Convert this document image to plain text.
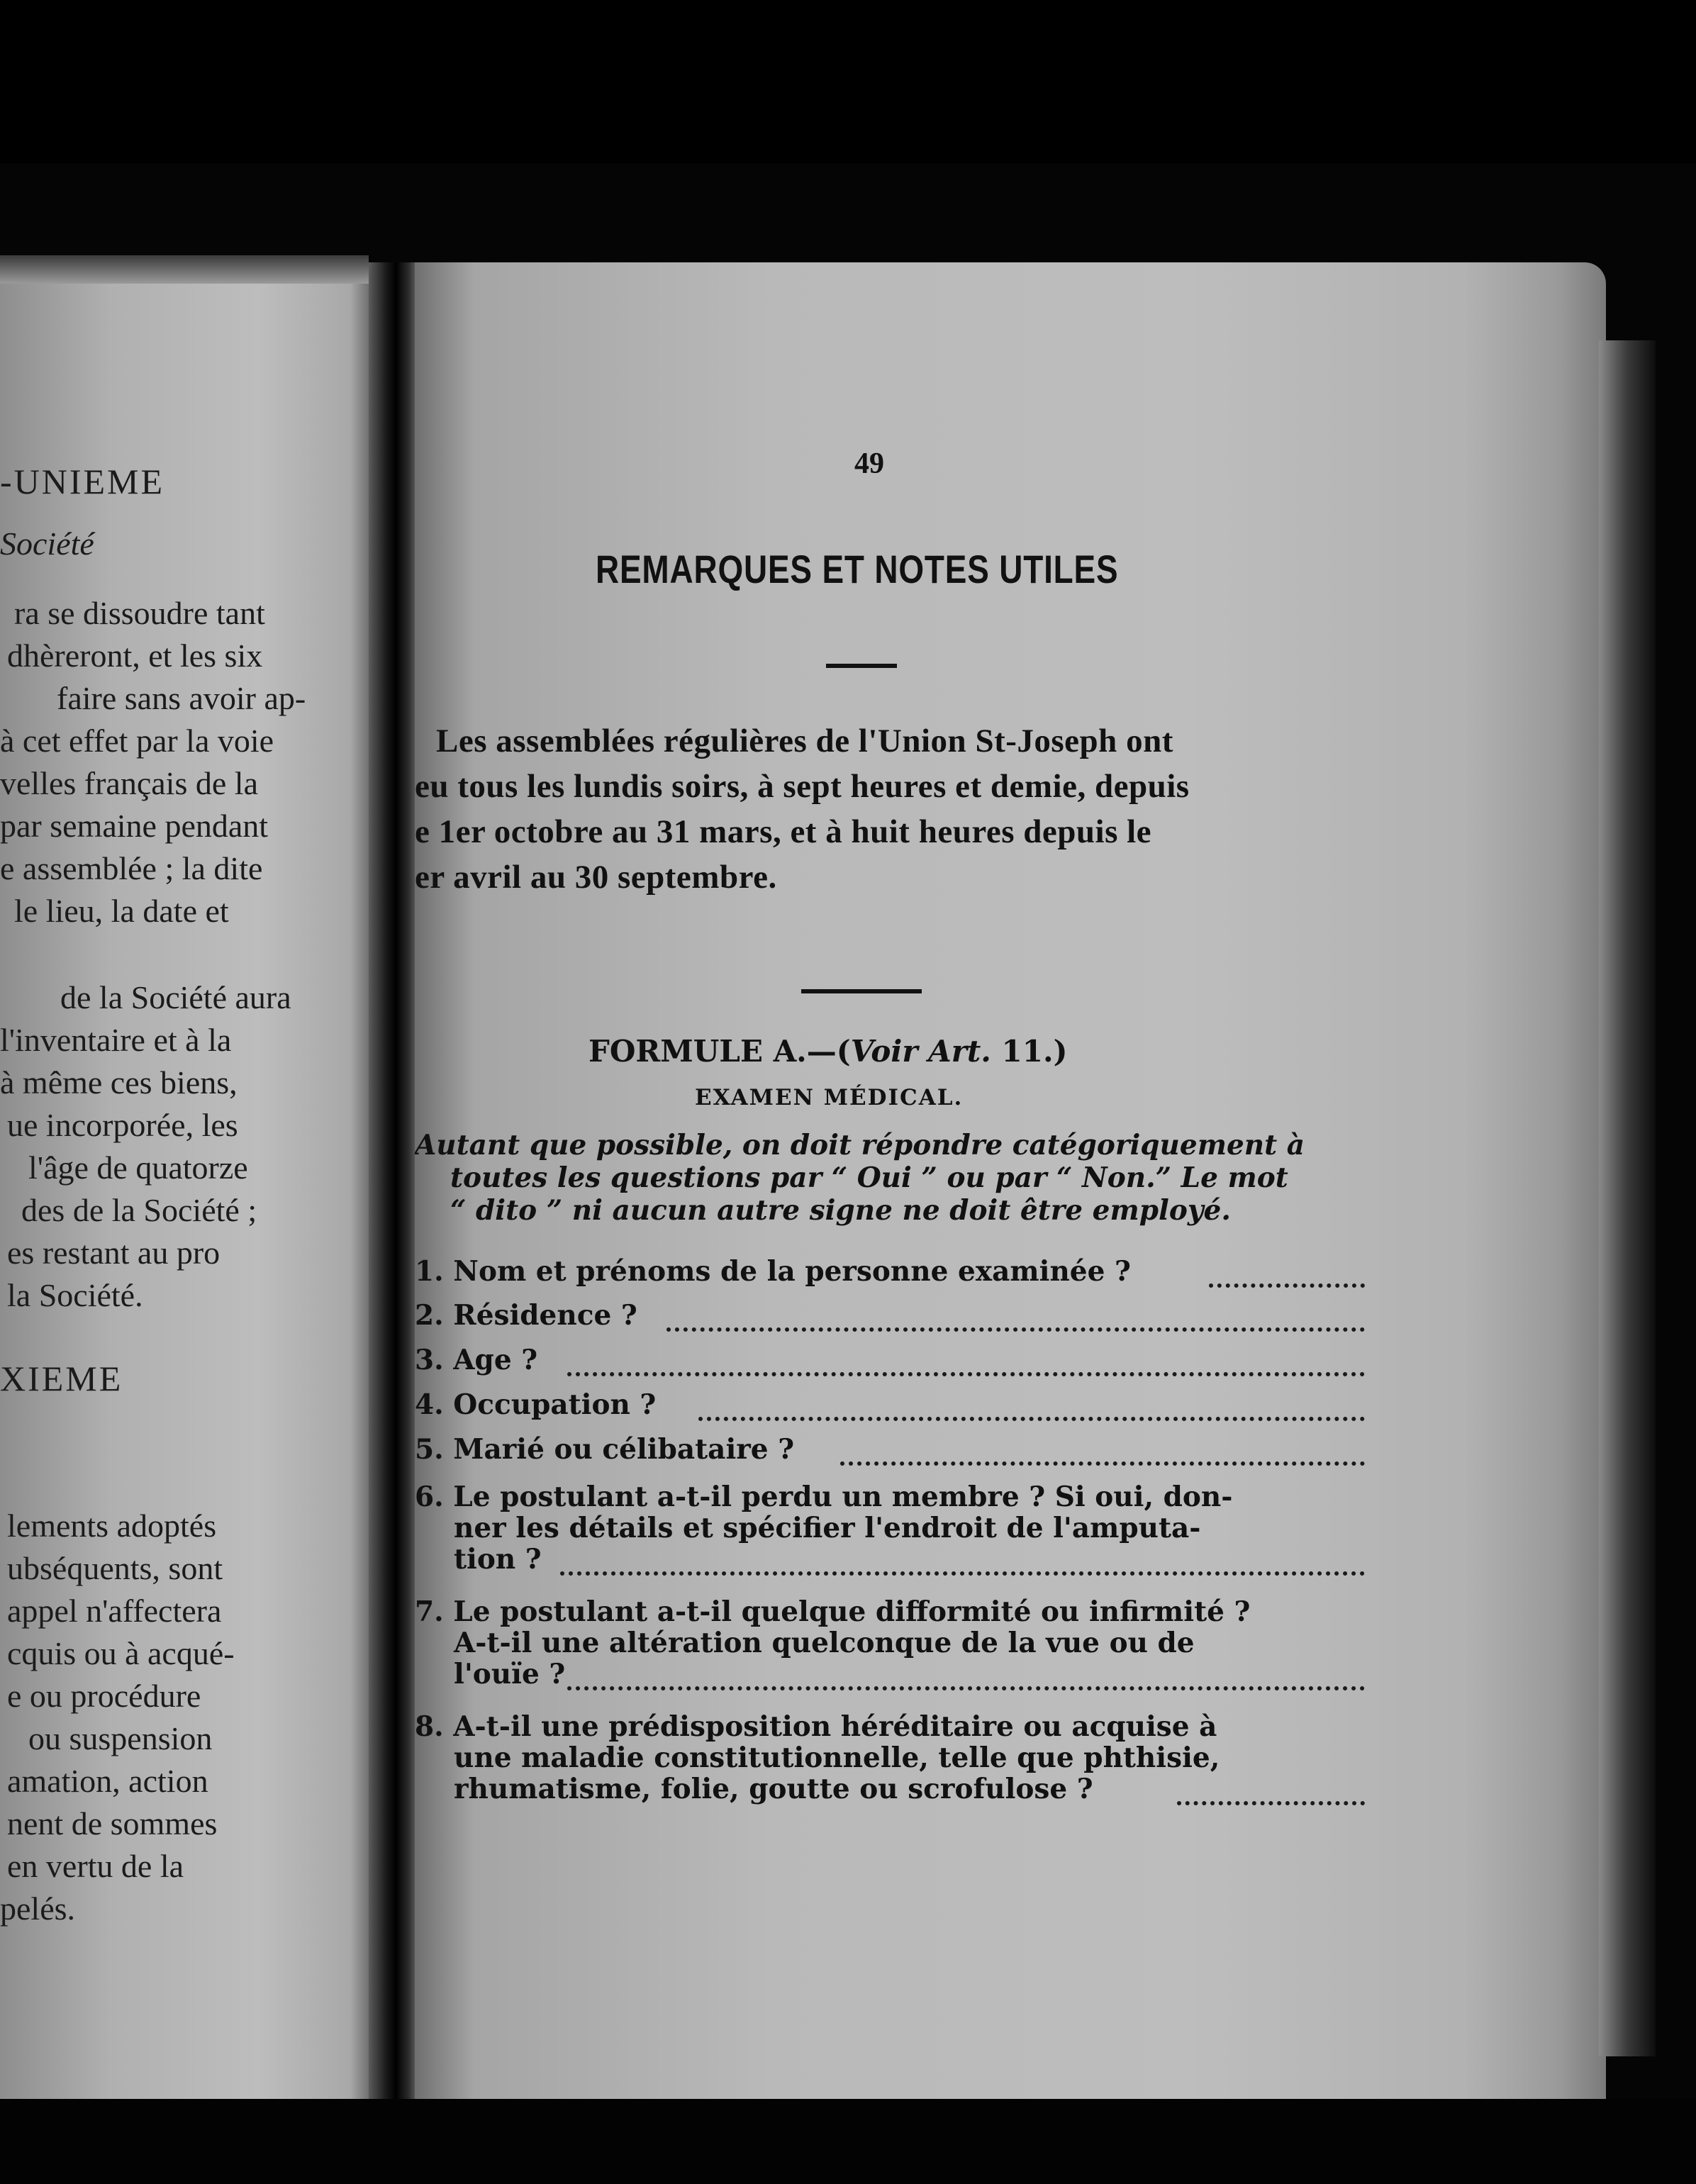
-UNIEME
Société
ra se dissoudre tant
dhèreront, et les six
faire sans avoir ap-
à cet effet par la voie
velles français de la
par semaine pendant
e assemblée ; la dite
le lieu, la date et
de la Société aura
l'inventaire et à la
à même ces biens,
ue incorporée, les
l'âge de quatorze
des de la Société ;
es restant au pro
la Société.
XIEME
lements adoptés
ubséquents, sont
appel n'affectera
cquis ou à acqué-
e ou procédure
ou suspension
amation, action
nent de sommes
en vertu de la
pelés.
49
REMARQUES ET NOTES UTILES
Les assemblées régulières de l'Union St-Joseph ont
eu tous les lundis soirs, à sept heures et demie, depuis
e 1er octobre au 31 mars, et à huit heures depuis le
er avril au 30 septembre.
FORMULE A.—(Voir Art. 11.)
EXAMEN MÉDICAL.
Autant que possible, on doit répondre catégoriquement à
toutes les questions par “ Oui ” ou par “ Non.” Le mot
“ dito ” ni aucun autre signe ne doit être employé.
1. Nom et prénoms de la personne examinée ?
2. Résidence ?
3. Age ?
4. Occupation ?
5. Marié ou célibataire ?
6. Le postulant a-t-il perdu un membre ? Si oui, don-
ner les détails et spécifier l'endroit de l'amputa-
tion ?
7. Le postulant a-t-il quelque difformité ou infirmité ?
A-t-il une altération quelconque de la vue ou de
l'ouïe ?
8. A-t-il une prédisposition héréditaire ou acquise à
une maladie constitutionnelle, telle que phthisie,
rhumatisme, folie, goutte ou scrofulose ?
